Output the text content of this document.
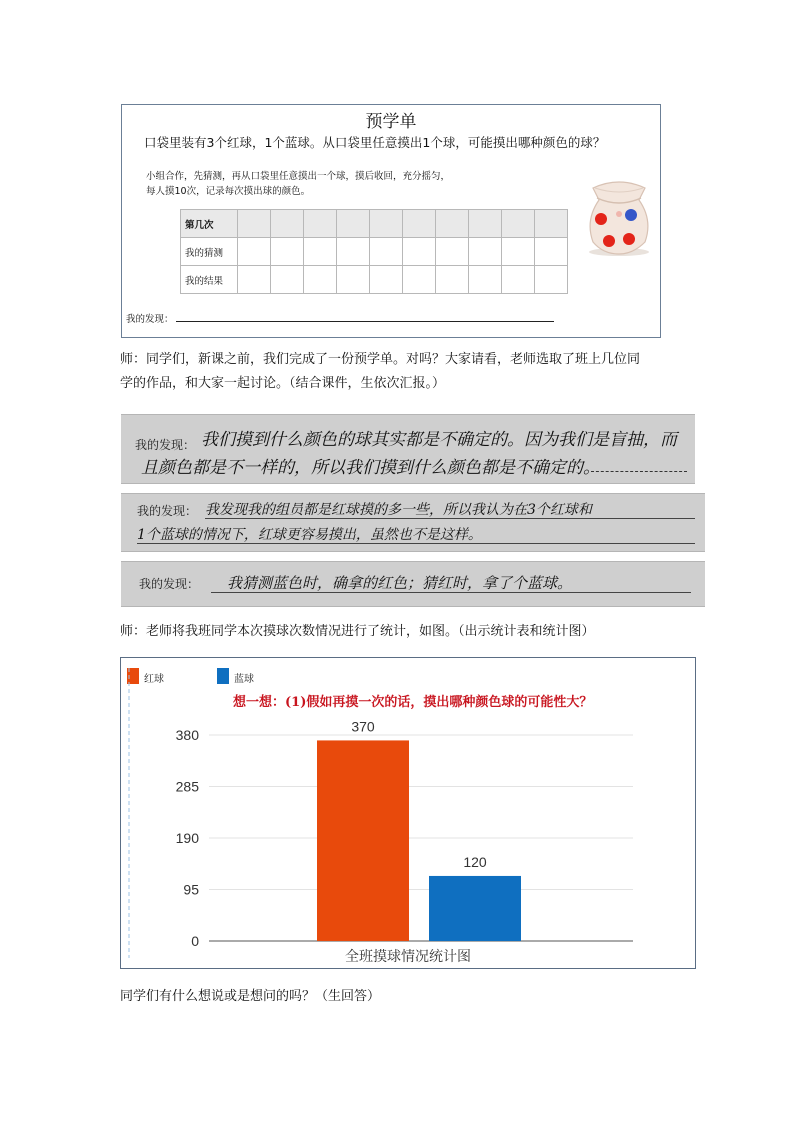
预学单
口袋里装有3个红球，1个蓝球。从口袋里任意摸出1个球，可能摸出哪种颜色的球？
小组合作，先猜测，再从口袋里任意摸出一个球，摸后收回，充分摇匀，
每人摸10次，记录每次摸出球的颜色。
第几次										
我的猜测										
我的结果										
我的发现：
师：同学们，新课之前，我们完成了一份预学单。对吗？大家请看，老师选取了班上几位同
学的作品，和大家一起讨论。（结合课件，生依次汇报。）
我的发现： 我们摸到什么颜色的球其实都是不确定的。因为我们是盲抽，而
且颜色都是不一样的，所以我们摸到什么颜色都是不确定的。
我的发现： 我发现我的组员都是红球摸的多一些，所以我认为在3个红球和
1个蓝球的情况下，红球更容易摸出，虽然也不是这样。
我的发现： 我猜测蓝色时，确拿的红色；猜红时，拿了个蓝球。
师：老师将我班同学本次摸球次数情况进行了统计，如图。（出示统计表和统计图）
红球	蓝球
想一想：(1)假如再摸一次的话，摸出哪种颜色球的可能性大？
0
95
190
285
380
370
120
全班摸球情况统计图
同学们有什么想说或是想问的吗？（生回答）
